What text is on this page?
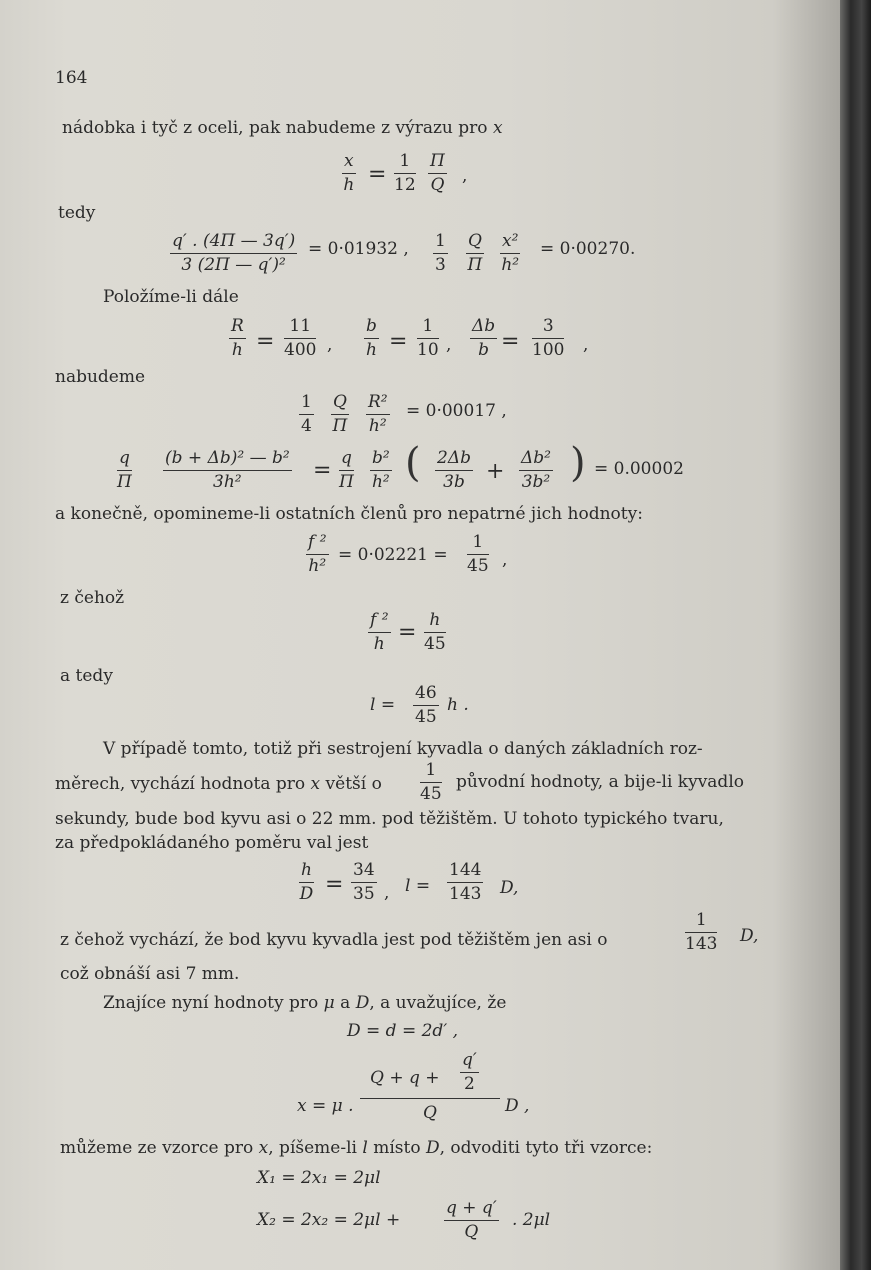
164
nádobka i tyč z oceli, pak nabudeme z výrazu pro x
$\frac{x}{h} = \frac{1}{12} \frac{\Pi}{Q}$ ,
tedy
$\frac{q' . (4\Pi — 3q')}{\text{3 (2Π — q′)²}} = 0\cdot 01932$ , $\frac{1}{3} \frac{Q}{\Pi} \frac{\text{x²}}{\text{h²}} = 0\cdot 00270$.
Položíme-li dále
$\frac{R}{h} = \frac{11}{400}$ , $\frac{b}{h} = \frac{1}{10}$ , $\frac{\Delta b}{b} = \frac{3}{100}$ ,
nabudeme
$\frac{1}{4} \frac{Q}{\Pi} \frac{\text{R²}}{\text{h²}} = 0\cdot 00017$ ,
$\frac{q}{\Pi} \frac{\text{(b + Δb)² — b²}}{\text{3h²}} = \frac{q}{\Pi} \frac{\text{b²}}{\text{h²}}$ ( $\frac{2\Delta b}{3b} + \frac{\text{Δb²}}{\text{3b²}}$ ) = 0.00002
a konečně, opomineme-li ostatních členů pro nepatrné jich hodnoty:
$\frac{\text{f ²}}{\text{h²}} = 0\cdot 02221 = \frac{1}{45}$ ,
z čehož
$\frac{\text{f ²}}{h} = \frac{h}{45}$
a tedy
$l = \frac{46}{45}$ h .
V případě tomto, totiž při sestrojení kyvadla o daných základních roz-
měrech, vychází hodnota pro x větší o $\frac{1}{45}$ původní hodnoty, a bije-li kyvadlo
sekundy, bude bod kyvu asi o 22 mm. pod těžištěm. U tohoto typického tvaru,
za předpokládaného poměru val jest
$\frac{h}{D} = \frac{34}{35}$ , $l = \frac{144}{143} D$,
z čehož vychází, že bod kyvu kyvadla jest pod těžištěm jen asi o	$\frac{1}{143} D$,
což obnáší asi 7 mm.
Znajíce nyní hodnoty pro μ a D, a uvažujíce, že
D = d = 2d′ ,
x = μ . $\frac{Q + q + \frac{q'}{2}}{Q}$ D ,
můžeme ze vzorce pro x, píšeme-li l místo D, odvoditi tyto tři vzorce:
X₁ = 2x₁ = 2μl
X₂ = 2x₂ = 2μl +	$\frac{q + q'}{Q}$ . 2μl
